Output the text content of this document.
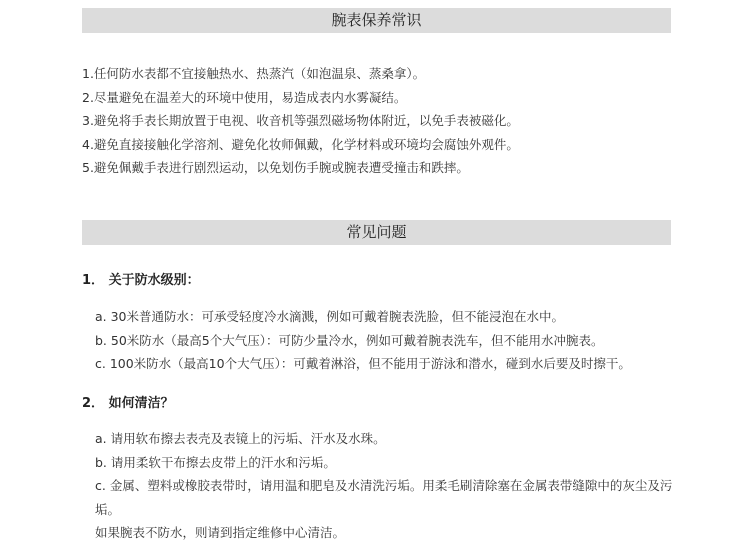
腕表保养常识
1.任何防水表都不宜接触热水、热蒸汽（如泡温泉、蒸桑拿）。
2.尽量避免在温差大的环境中使用，易造成表内水雾凝结。
3.避免将手表长期放置于电视、收音机等强烈磁场物体附近，以免手表被磁化。
4.避免直接接触化学溶剂、避免化妆师佩戴，化学材料或环境均会腐蚀外观件。
5.避免佩戴手表进行剧烈运动，以免划伤手腕或腕表遭受撞击和跌摔。
常见问题
1． 关于防水级别：
a. 30米普通防水：可承受轻度冷水滴溅，例如可戴着腕表洗脸，但不能浸泡在水中。
b. 50米防水（最高5个大气压）：可防少量冷水，例如可戴着腕表洗车，但不能用水冲腕表。
c. 100米防水（最高10个大气压）：可戴着淋浴，但不能用于游泳和潜水，碰到水后要及时擦干。
2． 如何清洁？
a. 请用软布擦去表壳及表镜上的污垢、汗水及水珠。
b. 请用柔软干布擦去皮带上的汗水和污垢。
c. 金属、塑料或橡胶表带时，请用温和肥皂及水清洗污垢。用柔毛刷清除塞在金属表带缝隙中的灰尘及污垢。
如果腕表不防水，则请到指定维修中心清洁。
